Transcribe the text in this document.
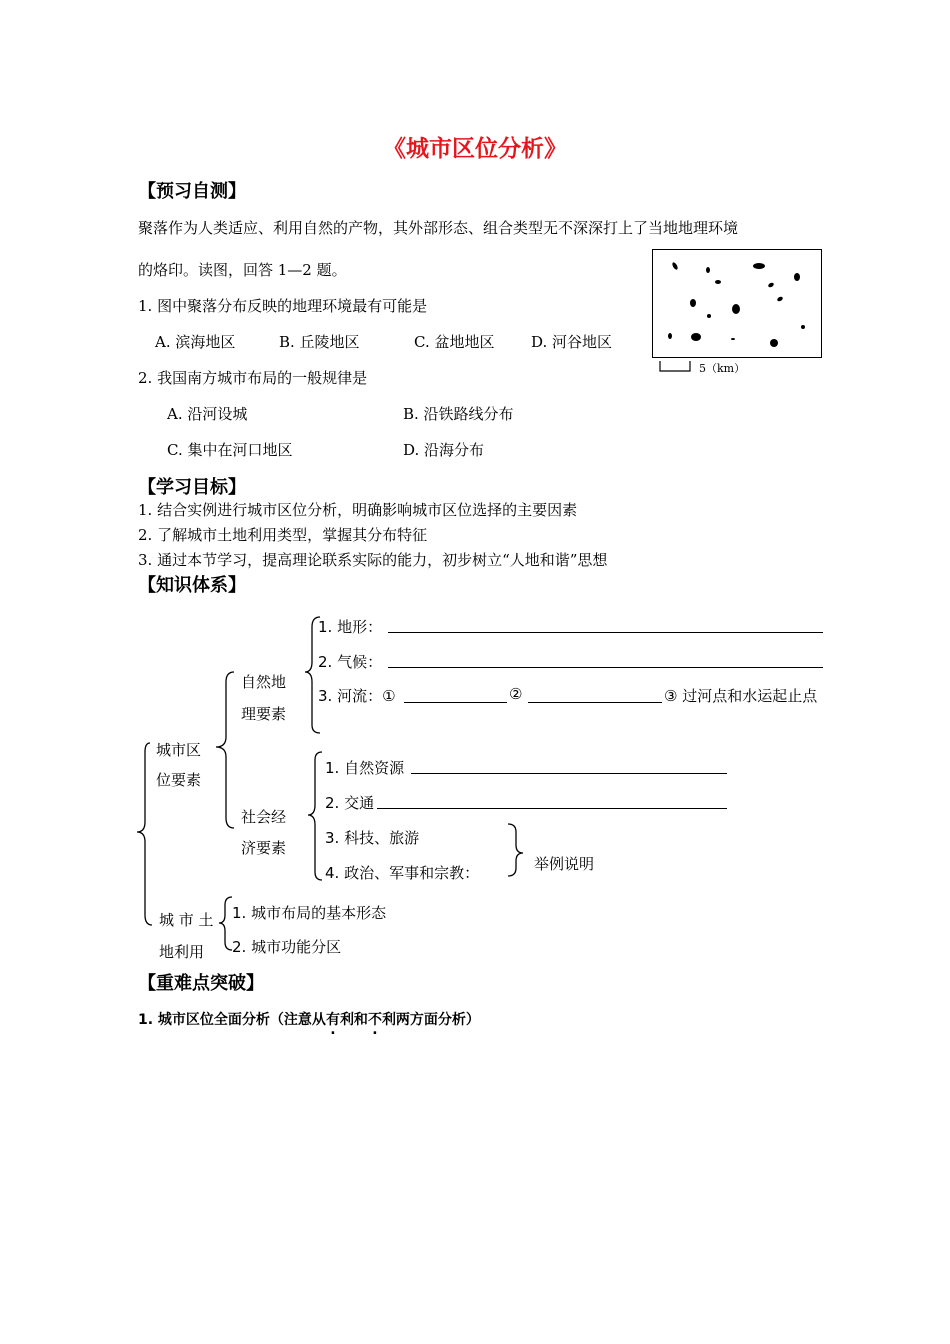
《城市区位分析》
【预习自测】
聚落作为人类适应、利用自然的产物，其外部形态、组合类型无不深深打上了当地地理环境
的烙印。读图，回答 1—2 题。
5（km）
1. 图中聚落分布反映的地理环境最有可能是
A. 滨海地区	B. 丘陵地区	C. 盆地地区 D. 河谷地区
2. 我国南方城市布局的一般规律是
A. 沿河设城	B. 沿铁路线分布
C. 集中在河口地区	D. 沿海分布
【学习目标】
1. 结合实例进行城市区位分析，明确影响城市区位选择的主要因素
2. 了解城市土地利用类型，掌握其分布特征
3. 通过本节学习，提高理论联系实际的能力，初步树立“人地和谐”思想
【知识体系】
城市区
位要素
自然地
理要素
1. 地形：
2. 气候：
3. 河流：①	②	③ 过河点和水运起止点
社会经
济要素
1. 自然资源
2. 交通
3. 科技、旅游
4. 政治、军事和宗教：	举例说明
城 市 土
地利用
1. 城市布局的基本形态
2. 城市功能分区
【重难点突破】
1. 城市区位全面分析（注意从有利和不利两方面分析）
